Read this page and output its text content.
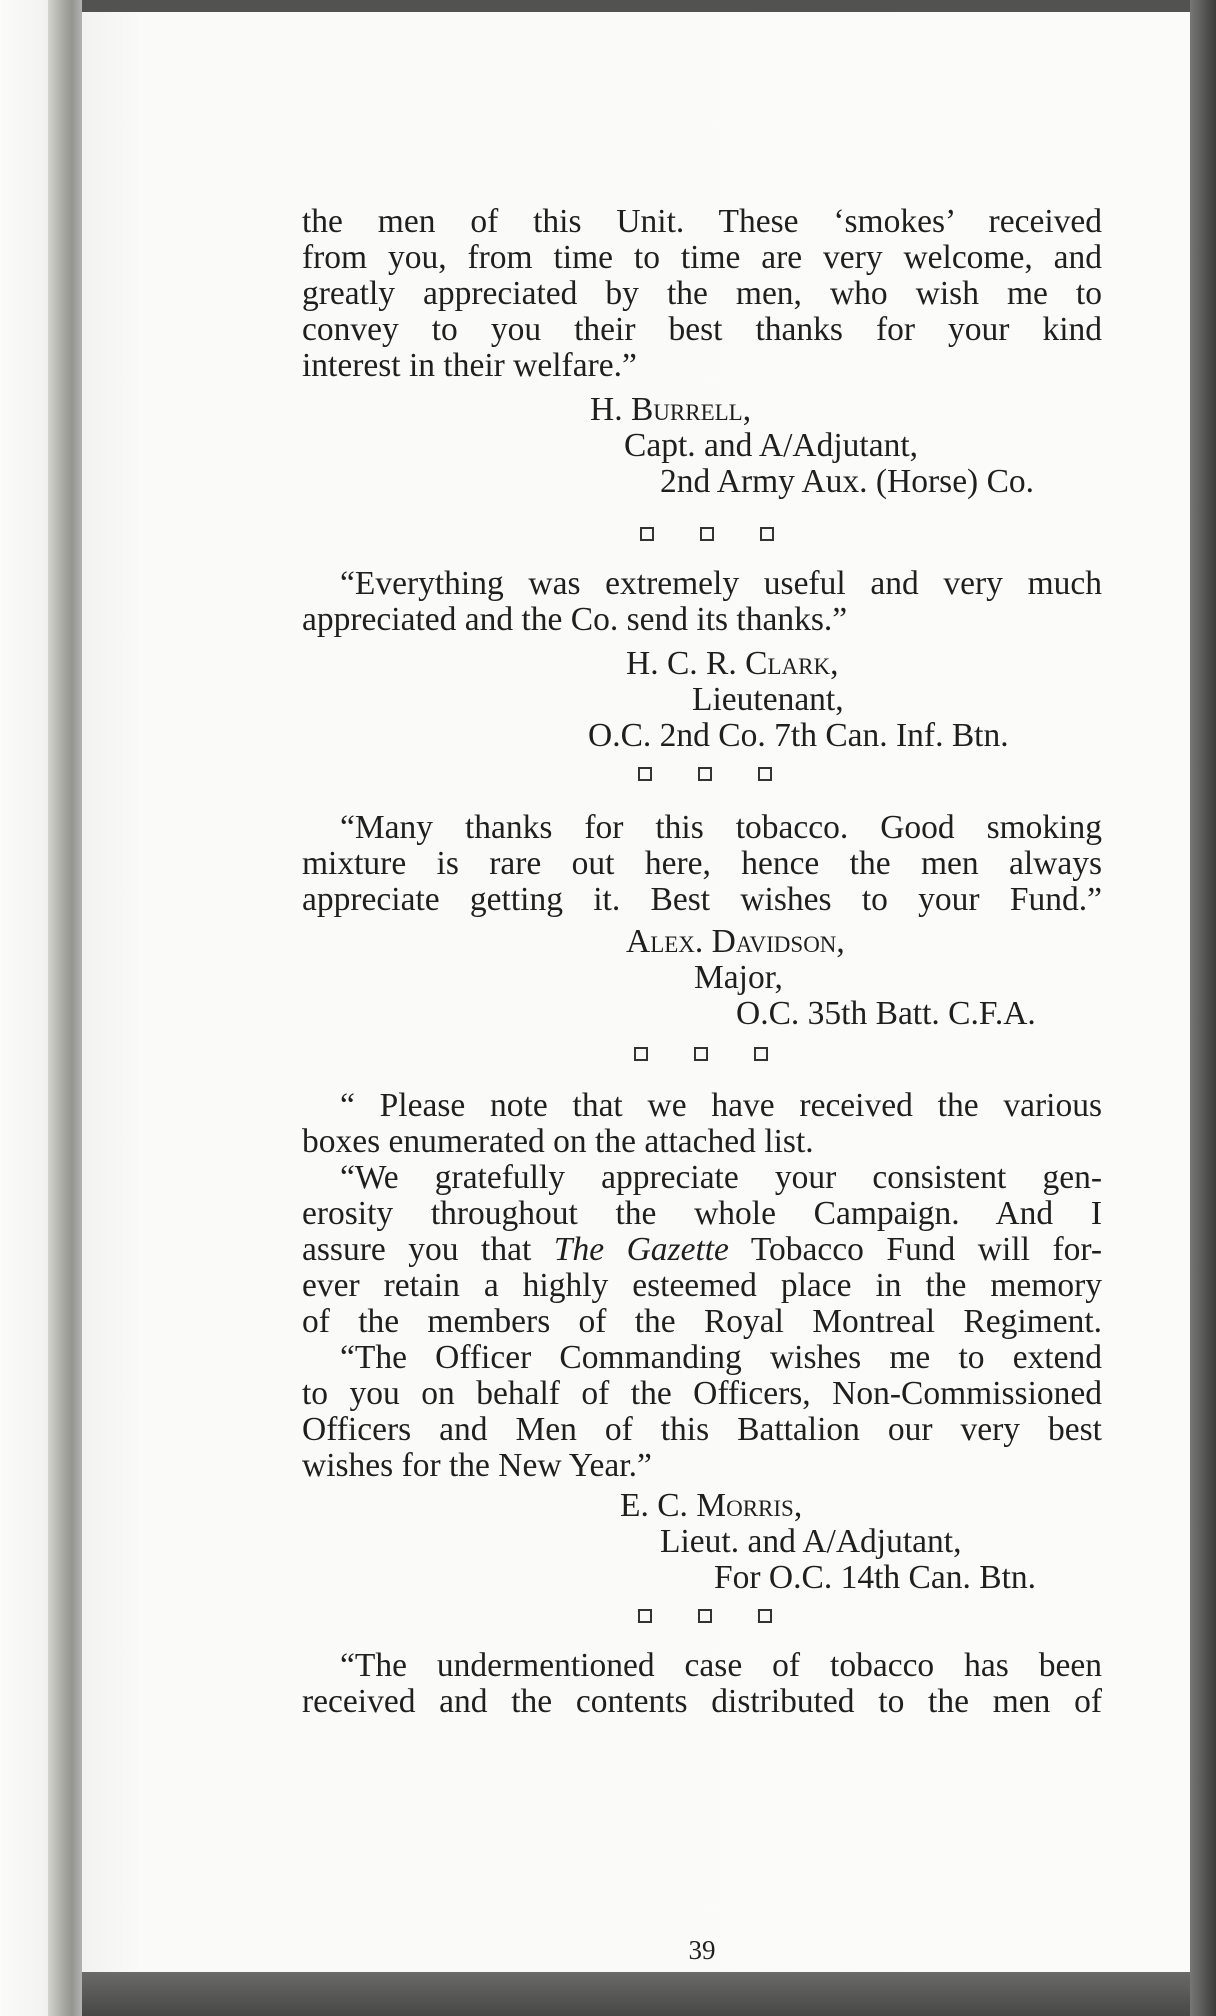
the men of this Unit. These ‘smokes’ received
from you, from time to time are very welcome, and
greatly appreciated by the men, who wish me to
convey to you their best thanks for your kind
interest in their welfare.”
H. Burrell,
Capt. and A/Adjutant,
2nd Army Aux. (Horse) Co.
“Everything was extremely useful and very much
appreciated and the Co. send its thanks.”
H. C. R. Clark,
Lieutenant,
O.C. 2nd Co. 7th Can. Inf. Btn.
“Many thanks for this tobacco. Good smoking
mixture is rare out here, hence the men always
appreciate getting it. Best wishes to your Fund.”
Alex. Davidson,
Major,
O.C. 35th Batt. C.F.A.
“ Please note that we have received the various
boxes enumerated on the attached list.
“We gratefully appreciate your consistent gen-
erosity throughout the whole Campaign. And I
assure you that The Gazette Tobacco Fund will for-
ever retain a highly esteemed place in the memory
of the members of the Royal Montreal Regiment.
“The Officer Commanding wishes me to extend
to you on behalf of the Officers, Non-Commissioned
Officers and Men of this Battalion our very best
wishes for the New Year.”
E. C. Morris,
Lieut. and A/Adjutant,
For O.C. 14th Can. Btn.
“The undermentioned case of tobacco has been
received and the contents distributed to the men of
39
